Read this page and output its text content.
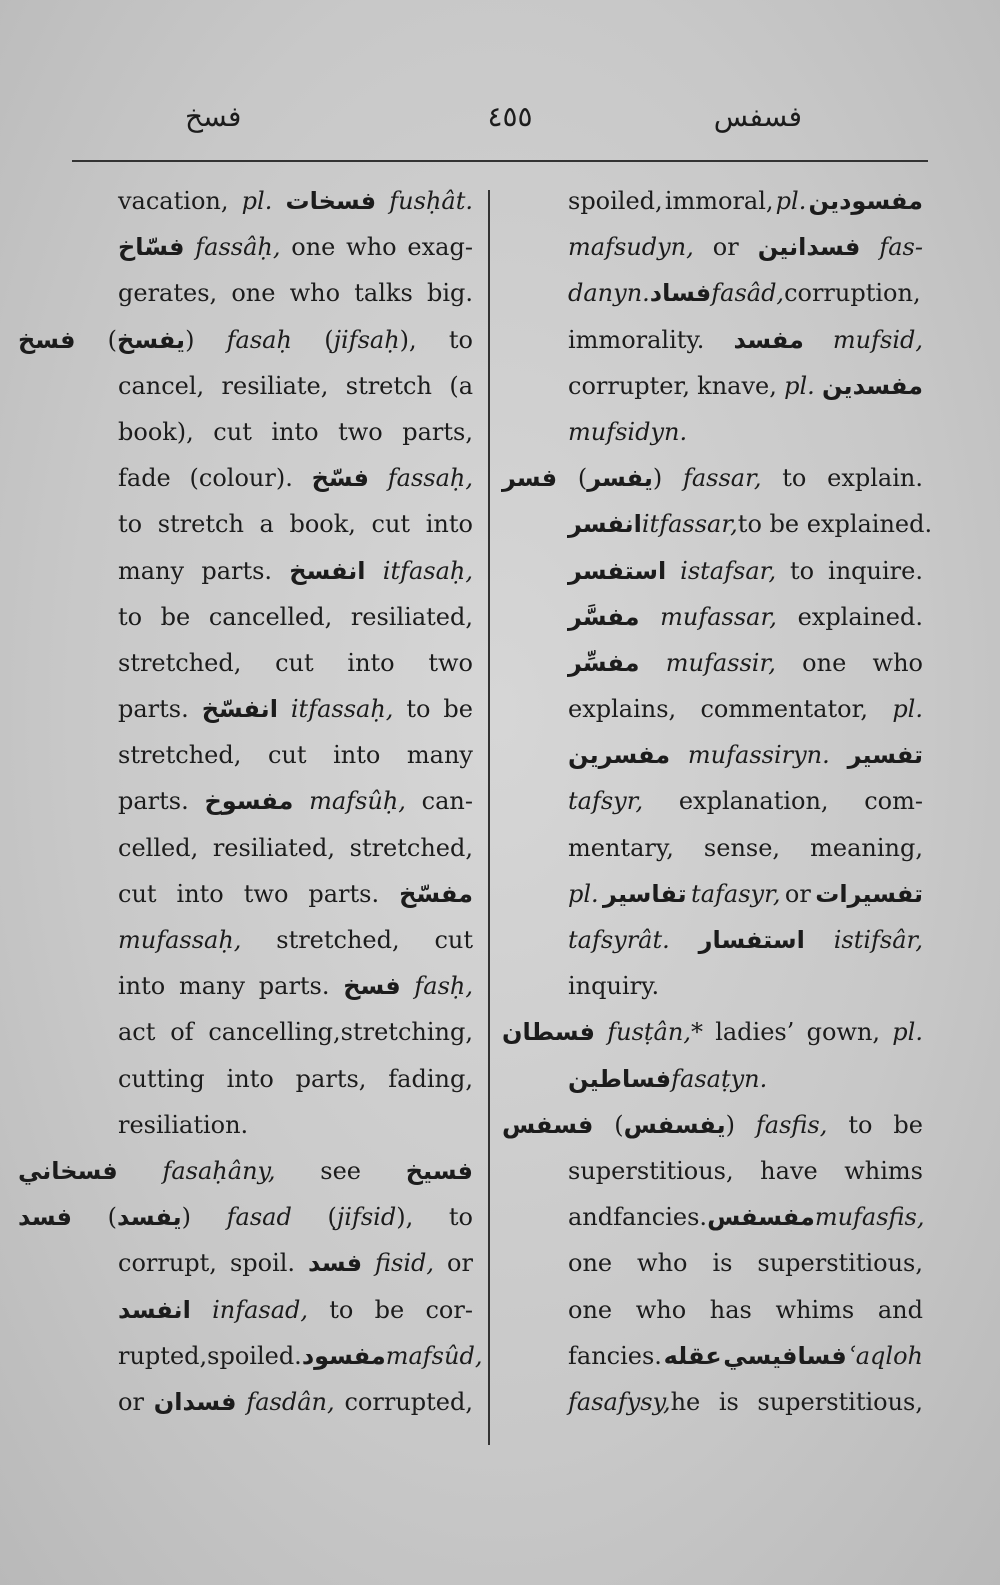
فسخ	٤٥٥	فسفس
vacation, pl. فسخات fusḥât.
فسّاخ fassâḥ, one who exag-
gerates, one who talks big.
فسخ (يفسخ) fasaḥ (jifsaḥ), to
cancel, resiliate, stretch (a
book), cut into two parts,
fade (colour). فسّخ fassaḥ,
to stretch a book, cut into
many parts. انفسخ itfasaḥ,
to be cancelled, resiliated,
stretched, cut into two
parts. انفسّخ itfassaḥ, to be
stretched, cut into many
parts. مفسوخ mafsûḥ, can-
celled, resiliated, stretched,
cut into two parts. مفسّخ
mufassaḥ, stretched, cut
into many parts. فسخ fasḥ,
act of cancelling,stretching,
cutting into parts, fading,
resiliation.
فسخاني fasaḥâny, see فسيخ
فسد (يفسد) fasad (jifsid), to
corrupt, spoil. فسد fisid, or
انفسد infasad, to be cor-
rupted,spoiled.مفسودmafsûd,
or فسدان fasdân, corrupted,
spoiled, immoral, pl. مفسودين
mafsudyn, or فسدانين fas-
danyn.فسادfasâd,corruption,
immorality. مفسد mufsid,
corrupter, knave, pl. مفسدين
mufsidyn.
فسر (يفسر) fassar, to explain.
انفسرitfassar,to be explained.
استفسر istafsar, to inquire.
مفسَّر mufassar, explained.
مفسِّر mufassir, one who
explains, commentator, pl.
مفسرين mufassiryn. تفسير
tafsyr, explanation, com-
mentary, sense, meaning,
pl. تفاسير tafasyr, or تفسيرات
tafsyrât. استفسار istifsâr,
inquiry.
فسطان fusṭân,* ladies’ gown, pl.
فساطين fasaṭyn.
فسفس (يفسفس) fasfis, to be
superstitious, have whims
and fancies. مفسفس mufasfis,
one who is superstitious,
one who has whims and
fancies. عقله فسافيسي ʿaqloh
fasafysy,he is superstitious,
